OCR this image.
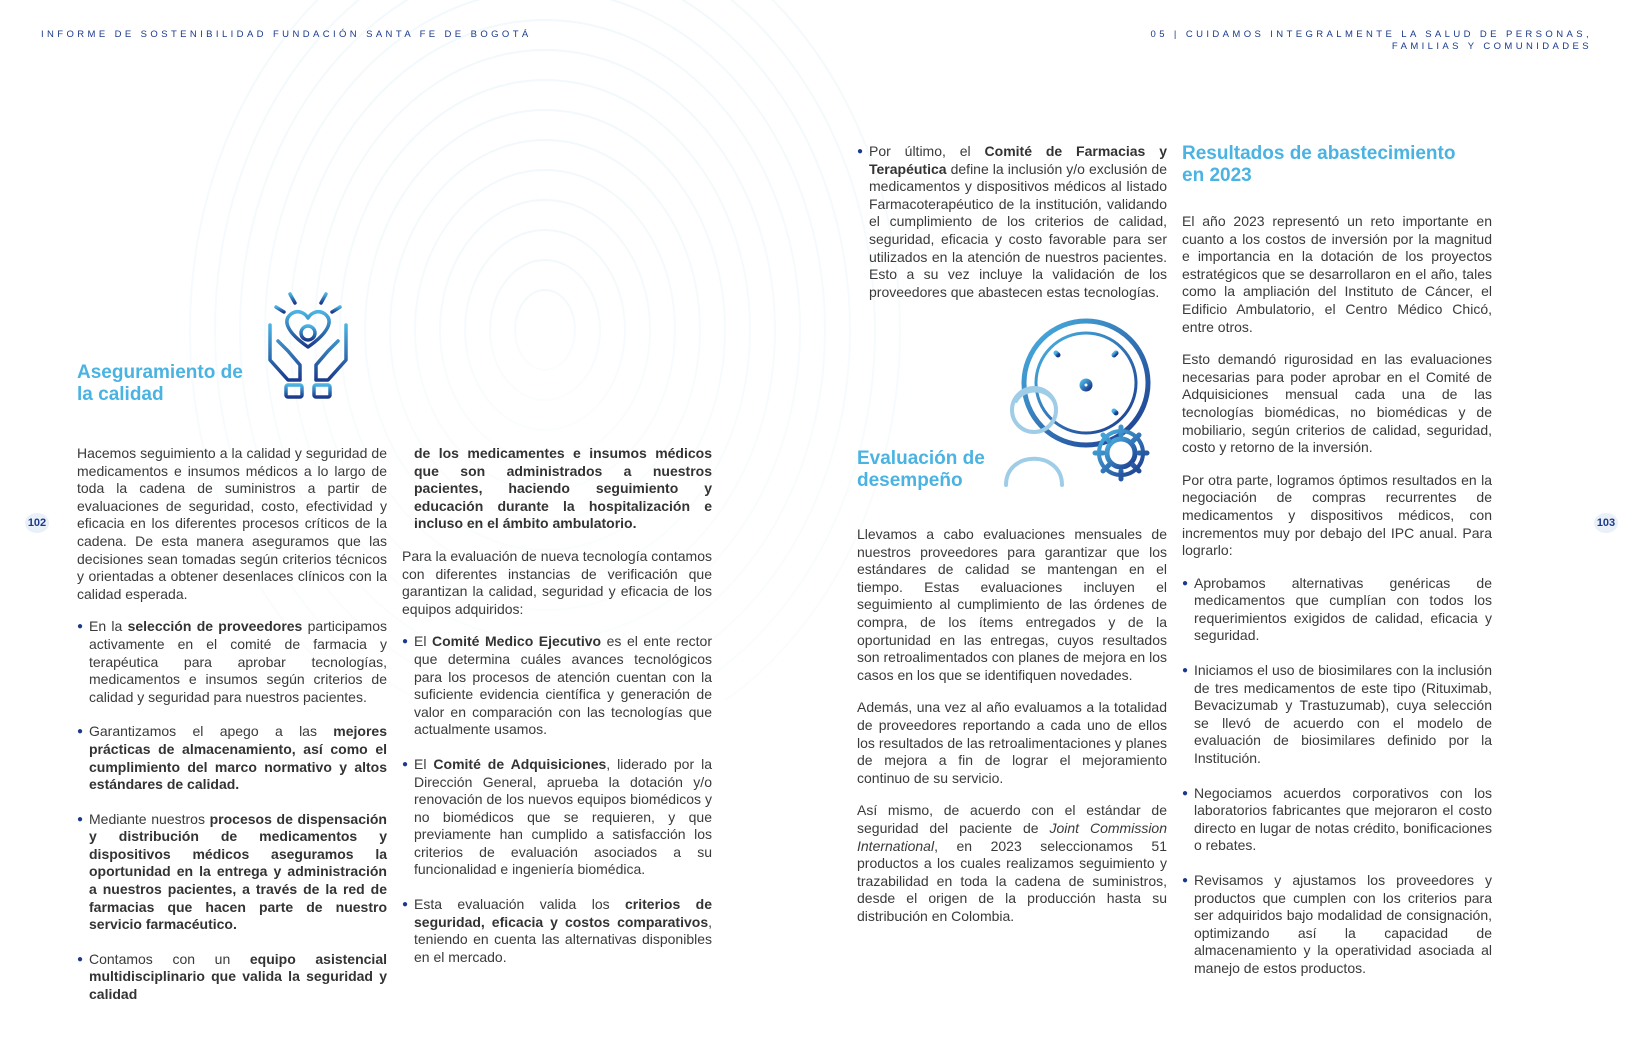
INFORME DE SOSTENIBILIDAD FUNDACIÓN SANTA FE DE BOGOTÁ
102
Aseguramiento de
la calidad

Hacemos seguimiento a la calidad y seguridad de medicamentos e insumos médicos a lo largo de toda la cadena de suministros a partir de evaluaciones de seguridad, costo, efectividad y eficacia en los diferentes procesos críticos de la cadena. De esta manera aseguramos que las decisiones sean tomadas según criterios técnicos y orientadas a obtener desenlaces clínicos con la calidad esperada.

● En la selección de proveedores participamos activamente en el comité de farmacia y terapéutica para aprobar tecnologías, medicamentos e insumos según criterios de calidad y seguridad para nuestros pacientes.
● Garantizamos el apego a las mejores prácticas de almacenamiento, así como el cumplimiento del marco normativo y altos estándares de calidad.
● Mediante nuestros procesos de dispensación y distribución de medicamentos y dispositivos médicos aseguramos la oportunidad en la entrega y administración a nuestros pacientes, a través de la red de farmacias que hacen parte de nuestro servicio farmacéutico.
● Contamos con un equipo asistencial multidisciplinario que valida la seguridad y calidad

de los medicamentes e insumos médicos que son administrados a nuestros pacientes, haciendo seguimiento y educación durante la hospitalización e incluso en el ámbito ambulatorio.

Para la evaluación de nueva tecnología contamos con diferentes instancias de verificación que garantizan la calidad, seguridad y eficacia de los equipos adquiridos:

● El Comité Medico Ejecutivo es el ente rector que determina cuáles avances tecnológicos para los procesos de atención cuentan con la suficiente evidencia científica y generación de valor en comparación con las tecnologías que actualmente usamos.
● El Comité de Adquisiciones, liderado por la Dirección General, aprueba la dotación y/o renovación de los nuevos equipos biomédicos y no biomédicos que se requieren, y que previamente han cumplido a satisfacción los criterios de evaluación asociados a su funcionalidad e ingeniería biomédica.
● Esta evaluación valida los criterios de seguridad, eficacia y costos comparativos, teniendo en cuenta las alternativas disponibles en el mercado.
05 | CUIDAMOS INTEGRALMENTE LA SALUD DE PERSONAS,
FAMILIAS Y COMUNIDADES
103
● Por último, el Comité de Farmacias y Terapéutica define la inclusión y/o exclusión de medicamentos y dispositivos médicos al listado Farmacoterapéutico de la institución, validando el cumplimiento de los criterios de calidad, seguridad, eficacia y costo favorable para ser utilizados en la atención de nuestros pacientes. Esto a su vez incluye la validación de los proveedores que abastecen estas tecnologías.
Evaluación de
desempeño

Llevamos a cabo evaluaciones mensuales de nuestros proveedores para garantizar que los estándares de calidad se mantengan en el tiempo. Estas evaluaciones incluyen el seguimiento al cumplimiento de las órdenes de compra, de los ítems entregados y de la oportunidad en las entregas, cuyos resultados son retroalimentados con planes de mejora en los casos en los que se identifiquen novedades.

Además, una vez al año evaluamos a la totalidad de proveedores reportando a cada uno de ellos los resultados de las retroalimentaciones y planes de mejora a fin de lograr el mejoramiento continuo de su servicio.

Así mismo, de acuerdo con el estándar de seguridad del paciente de Joint Commission International, en 2023 seleccionamos 51 productos a los cuales realizamos seguimiento y trazabilidad en toda la cadena de suministros, desde el origen de la producción hasta su distribución en Colombia.

Resultados de abastecimiento
en 2023

El año 2023 representó un reto importante en cuanto a los costos de inversión por la magnitud e importancia en la dotación de los proyectos estratégicos que se desarrollaron en el año, tales como la ampliación del Instituto de Cáncer, el Edificio Ambulatorio, el Centro Médico Chicó, entre otros.

Esto demandó rigurosidad en las evaluaciones necesarias para poder aprobar en el Comité de Adquisiciones mensual cada una de las tecnologías biomédicas, no biomédicas y de mobiliario, según criterios de calidad, seguridad, costo y retorno de la inversión.

Por otra parte, logramos óptimos resultados en la negociación de compras recurrentes de medicamentos y dispositivos médicos, con incrementos muy por debajo del IPC anual. Para lograrlo:

● Aprobamos alternativas genéricas de medicamentos que cumplían con todos los requerimientos exigidos de calidad, eficacia y seguridad.
● Iniciamos el uso de biosimilares con la inclusión de tres medicamentos de este tipo (Rituximab, Bevacizumab y Trastuzumab), cuya selección se llevó de acuerdo con el modelo de evaluación de biosimilares definido por la Institución.
● Negociamos acuerdos corporativos con los laboratorios fabricantes que mejoraron el costo directo en lugar de notas crédito, bonificaciones o rebates.
● Revisamos y ajustamos los proveedores y productos que cumplen con los criterios para ser adquiridos bajo modalidad de consignación, optimizando así la capacidad de almacenamiento y la operatividad asociada al manejo de estos productos.
